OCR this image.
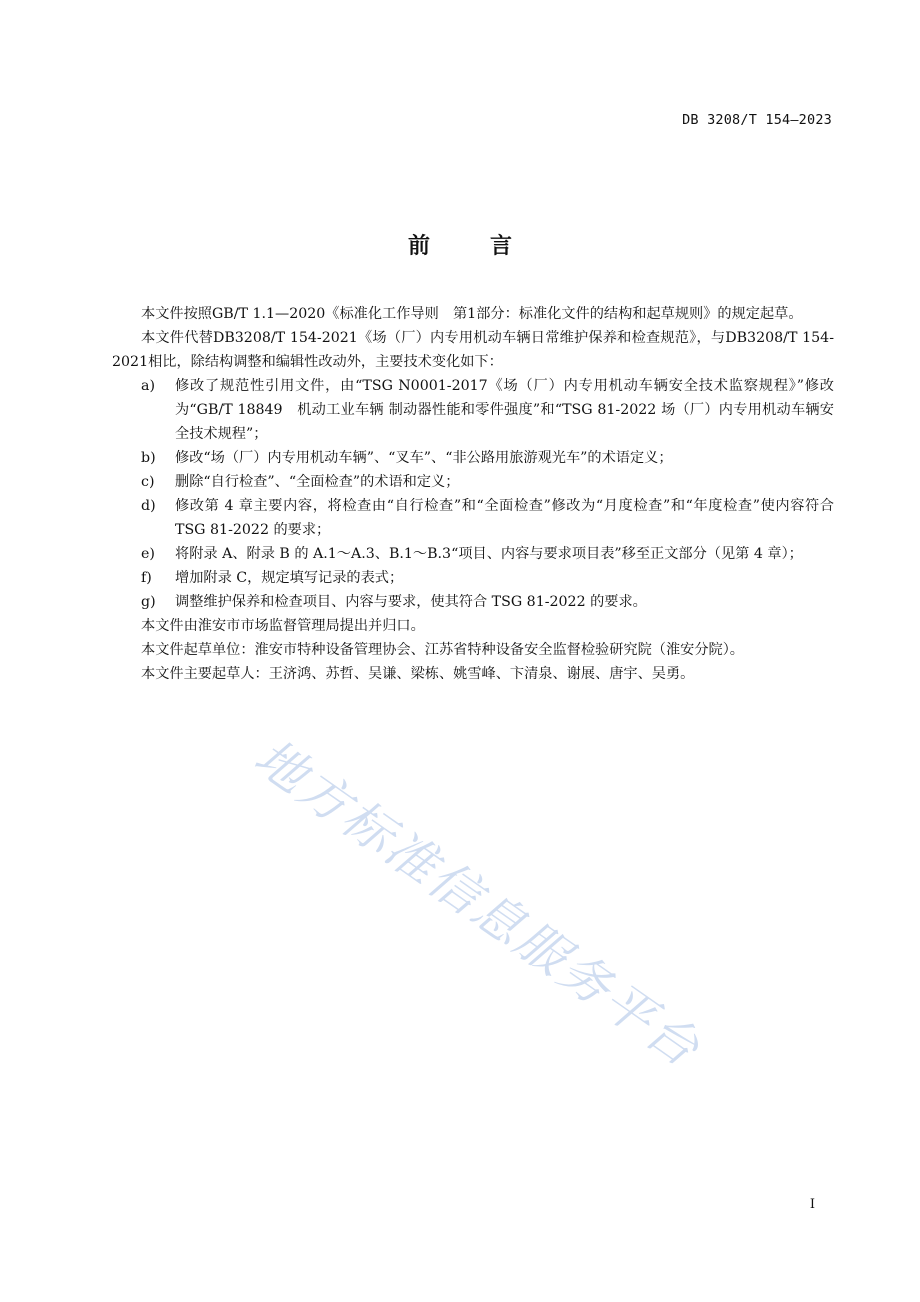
DB 3208/T 154—2023
前言

本文件按照GB/T 1.1—2020《标准化工作导则　第1部分：标准化文件的结构和起草规则》的规定起草。

本文件代替DB3208/T 154-2021《场（厂）内专用机动车辆日常维护保养和检查规范》，与DB3208/T 154-2021相比，除结构调整和编辑性改动外，主要技术变化如下：

a) 修改了规范性引用文件，由“TSG N0001-2017《场（厂）内专用机动车辆安全技术监察规程》”修改为“GB/T 18849　机动工业车辆 制动器性能和零件强度”和“TSG 81-2022 场（厂）内专用机动车辆安全技术规程”；
b) 修改“场（厂）内专用机动车辆”、“叉车”、“非公路用旅游观光车”的术语定义；
c) 删除“自行检查”、“全面检查”的术语和定义；
d) 修改第 4 章主要内容，将检查由“自行检查”和“全面检查”修改为“月度检查”和“年度检查”使内容符合 TSG 81-2022 的要求；
e) 将附录 A、附录 B 的 A.1～A.3、B.1～B.3“项目、内容与要求项目表”移至正文部分（见第 4 章）；
f) 增加附录 C，规定填写记录的表式；
g) 调整维护保养和检查项目、内容与要求，使其符合 TSG 81-2022 的要求。

本文件由淮安市市场监督管理局提出并归口。

本文件起草单位：淮安市特种设备管理协会、江苏省特种设备安全监督检验研究院（淮安分院）。

本文件主要起草人：王济鸿、苏哲、吴谦、梁栋、姚雪峰、卞清泉、谢展、唐宇、吴勇。

地方标准信息服务平台
I
